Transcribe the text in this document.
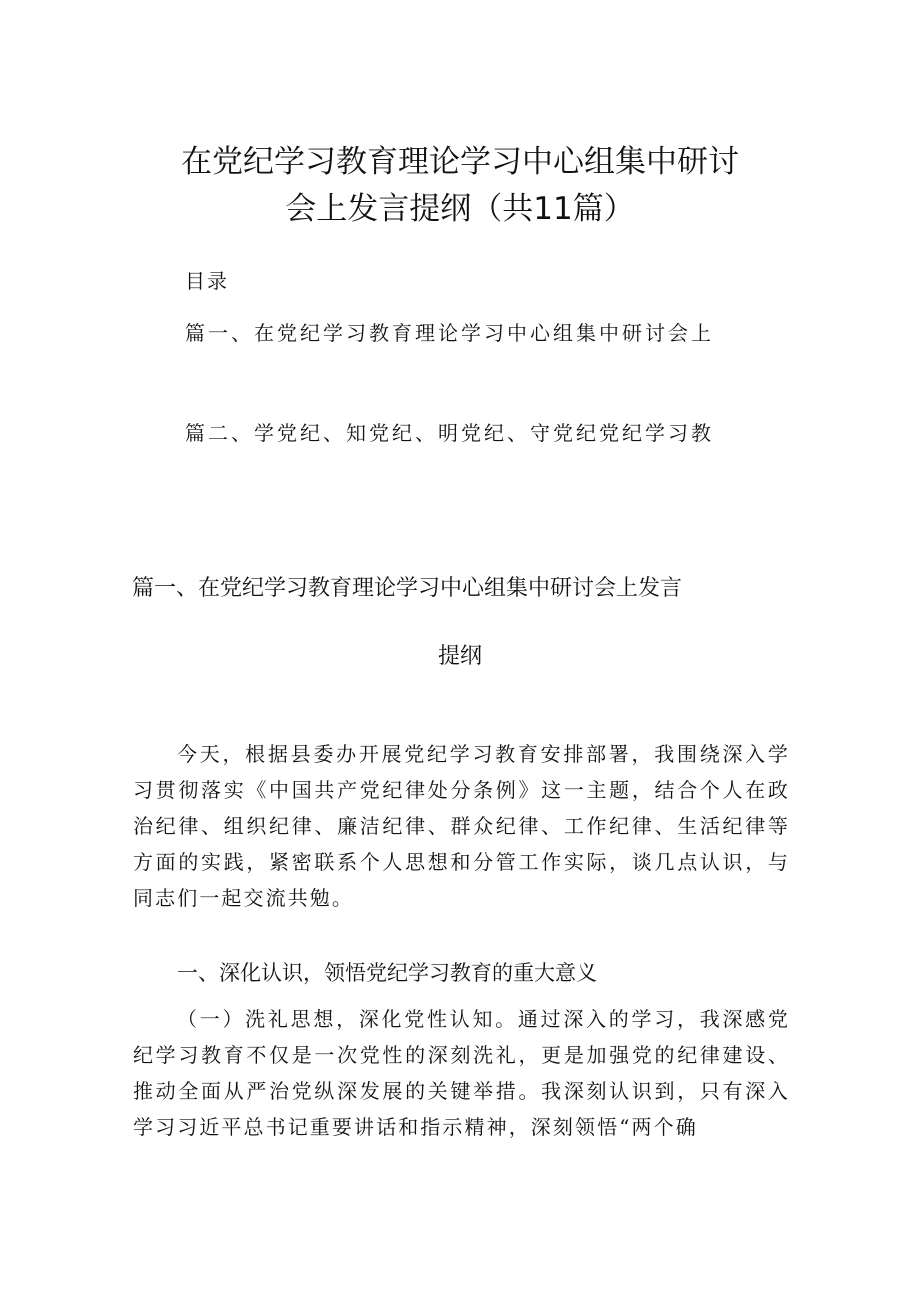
在党纪学习教育理论学习中心组集中研讨
会上发言提纲（共11篇）
目录
篇一、在党纪学习教育理论学习中心组集中研讨会上
篇二、学党纪、知党纪、明党纪、守党纪党纪学习教
篇一、在党纪学习教育理论学习中心组集中研讨会上发言
提纲
今天，根据县委办开展党纪学习教育安排部署，我围绕深入学习贯彻落实《中国共产党纪律处分条例》这一主题，结合个人在政治纪律、组织纪律、廉洁纪律、群众纪律、工作纪律、生活纪律等方面的实践，紧密联系个人思想和分管工作实际，谈几点认识，与同志们一起交流共勉。
一、深化认识，领悟党纪学习教育的重大意义
（一）洗礼思想，深化党性认知。通过深入的学习，我深感党纪学习教育不仅是一次党性的深刻洗礼，更是加强党的纪律建设、推动全面从严治党纵深发展的关键举措。我深刻认识到，只有深入学习习近平总书记重要讲话和指示精神，深刻领悟“两个确
